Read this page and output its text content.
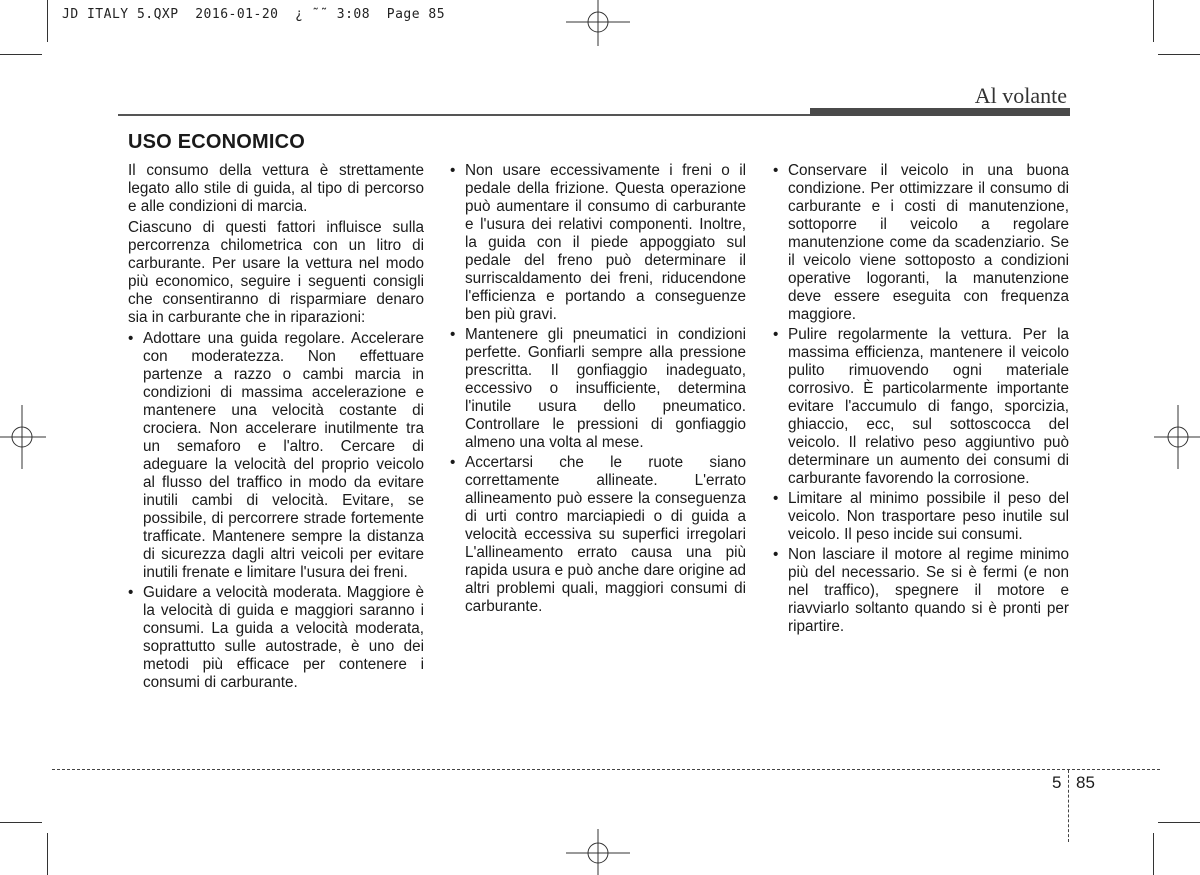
JD ITALY 5.QXP  2016-01-20  ¿ ˜˜ 3:08  Page 85
Al volante
USO ECONOMICO

Il consumo della vettura è strettamente legato allo stile di guida, al tipo di percorso e alle condizioni di marcia.

Ciascuno di questi fattori influisce sulla percorrenza chilometrica con un litro di carburante. Per usare la vettura nel modo più economico, seguire i seguenti consigli che consentiranno di risparmiare denaro sia in carburante che in riparazioni:

• Adottare una guida regolare. Accelerare con moderatezza. Non effettuare partenze a razzo o cambi marcia in condizioni di massima accelerazione e mantenere una velocità costante di crociera. Non accelerare inutilmente tra un semaforo e l'altro. Cercare di adeguare la velocità del proprio veicolo al flusso del traffico in modo da evitare inutili cambi di velocità. Evitare, se possibile, di percorrere strade fortemente trafficate. Mantenere sempre la distanza di sicurezza dagli altri veicoli per evitare inutili frenate e limitare l'usura dei freni.
• Guidare a velocità moderata. Maggiore è la velocità di guida e maggiori saranno i consumi. La guida a velocità moderata, soprattutto sulle autostrade, è uno dei metodi più efficace per contenere i consumi di carburante.
• Non usare eccessivamente i freni o il pedale della frizione. Questa operazione può aumentare il consumo di carburante e l'usura dei relativi componenti. Inoltre, la guida con il piede appoggiato sul pedale del freno può determinare il surriscaldamento dei freni, riducendone l'efficienza e portando a conseguenze ben più gravi.
• Mantenere gli pneumatici in condizioni perfette. Gonfiarli sempre alla pressione prescritta. Il gonfiaggio inadeguato, eccessivo o insufficiente, determina l'inutile usura dello pneumatico. Controllare le pressioni di gonfiaggio almeno una volta al mese.
• Accertarsi che le ruote siano correttamente allineate. L'errato allineamento può essere la conseguenza di urti contro marciapiedi o di guida a velocità eccessiva su superfici irregolari L'allineamento errato causa una più rapida usura e può anche dare origine ad altri problemi quali, maggiori consumi di carburante.
• Conservare il veicolo in una buona condizione. Per ottimizzare il consumo di carburante e i costi di manutenzione, sottoporre il veicolo a regolare manutenzione come da scadenziario. Se il veicolo viene sottoposto a condizioni operative logoranti, la manutenzione deve essere eseguita con frequenza maggiore.
• Pulire regolarmente la vettura. Per la massima efficienza, mantenere il veicolo pulito rimuovendo ogni materiale corrosivo. È particolarmente importante evitare l'accumulo di fango, sporcizia, ghiaccio, ecc, sul sottoscocca del veicolo. Il relativo peso aggiuntivo può determinare un aumento dei consumi di carburante favorendo la corrosione.
• Limitare al minimo possibile il peso del veicolo. Non trasportare peso inutile sul veicolo. Il peso incide sui consumi.
• Non lasciare il motore al regime minimo più del necessario. Se si è fermi (e non nel traffico), spegnere il motore e riavviarlo soltanto quando si è pronti per ripartire.
5 85
